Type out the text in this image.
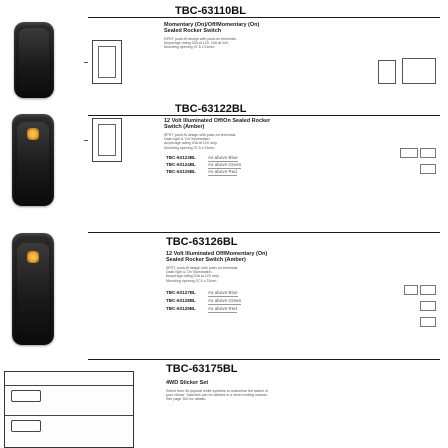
TBC-63110BL
Momentary (On)/Off/Momentary (On)
Sealed Rocker Switch
DPDT, push-fit design with push-on terminals.
Amperage rating 20A at 12V, 10A at 24V.
Mounting opening 37.5 x 21mm.
TBC-63122BL
12 Volt Illuminated Off/On Sealed Rocker
Switch (Amber)
SPST, push-fit design with push-on terminals.
Dash light & 'On' illumination.
Amperage rating 20A at 12V only.
Mounting opening 37.5 x 21mm.
TBC-63123BL	As above Blue
TBC-63124BL	As above Green
TBC-63125BL	As above Red
TBC-63126BL
12 Volt Illuminated Off/Momentary (On)
Sealed Rocker Switch (Amber)
SPST, push-fit design with push-on terminals.
Dash light & 'On' illumination.
Amperage rating 20A at 12V only.
Mounting opening 37.5 x 21mm.
TBC-63127BL	As above Blue
TBC-63128BL	As above Green
TBC-63129BL	As above Red
TBC-63175BL
4WD Sticker Set
Select from 50 popular white symbols to customise the switch of
your choice. Switches can be labeled in a never-ending manner.
See page 300 for details.
